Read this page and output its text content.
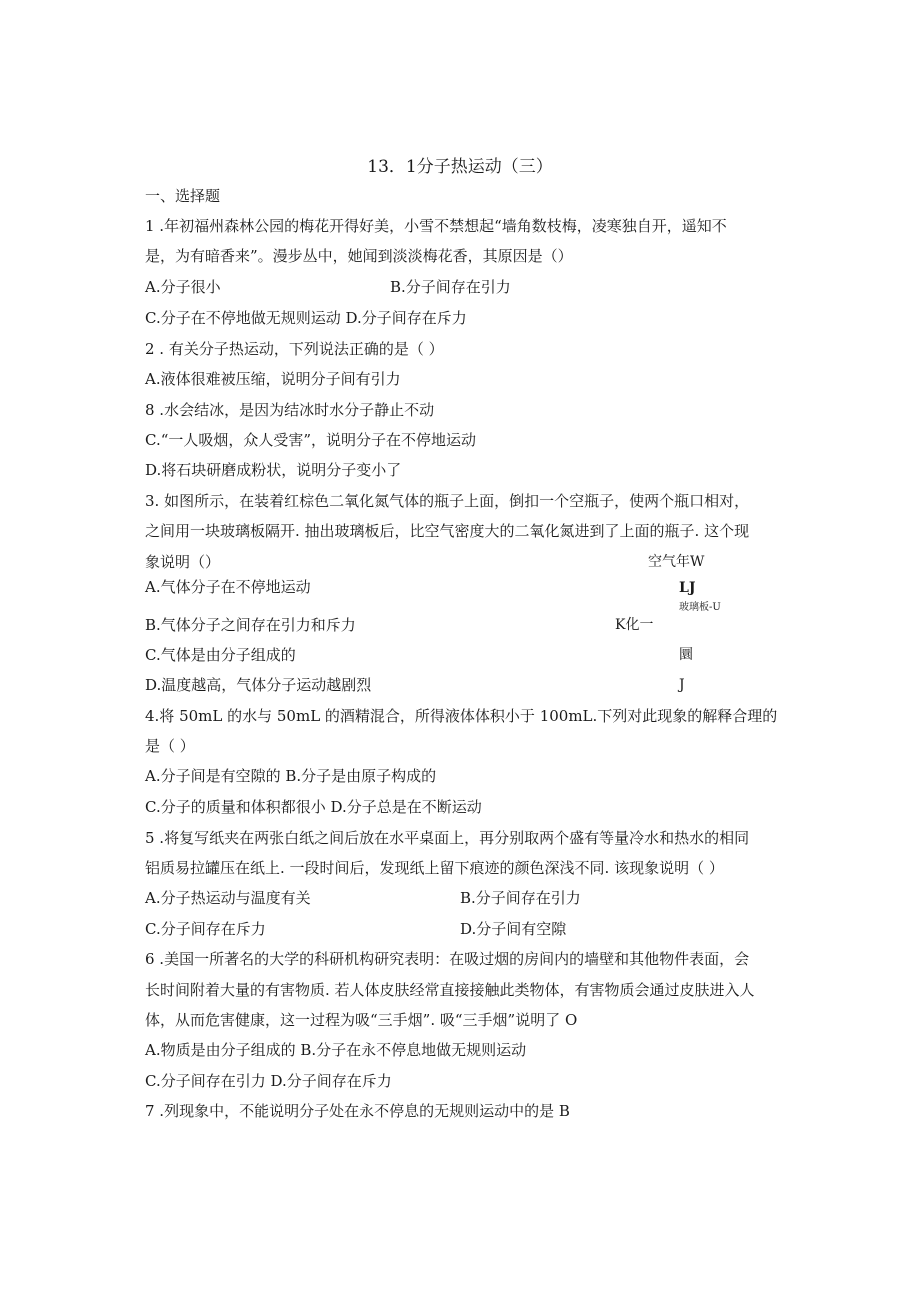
13．1分子热运动（三）
一、选择题
1 .年初福州森林公园的梅花开得好美，小雪不禁想起“墙角数枝梅，凌寒独自开，遥知不
是，为有暗香来”。漫步丛中，她闻到淡淡梅花香，其原因是（）
A.分子很小	B.分子间存在引力
C.分子在不停地做无规则运动 D.分子间存在斥力
2 . 有关分子热运动，下列说法正确的是（ ）
A.液体很难被压缩，说明分子间有引力
8 .水会结冰，是因为结冰时水分子静止不动
C.“一人吸烟，众人受害”，说明分子在不停地运动
D.将石块研磨成粉状，说明分子变小了
3. 如图所示，在装着红棕色二氧化氮气体的瓶子上面，倒扣一个空瓶子，使两个瓶口相对，
之间用一块玻璃板隔开. 抽出玻璃板后，比空气密度大的二氧化氮进到了上面的瓶子. 这个现
象说明（）
A.气体分子在不停地运动
B.气体分子之间存在引力和斥力
C.气体是由分子组成的
D.温度越高，气体分子运动越剧烈
空气年W
LJ
玻璃板-U
K化一
圜
J
4.将 50mL 的水与 50mL 的酒精混合，所得液体体积小于 100mL.下列对此现象的解释合理的
是（ ）
A.分子间是有空隙的 B.分子是由原子构成的
C.分子的质量和体积都很小 D.分子总是在不断运动
5 .将复写纸夹在两张白纸之间后放在水平桌面上，再分别取两个盛有等量冷水和热水的相同
铝质易拉罐压在纸上. 一段时间后，发现纸上留下痕迹的颜色深浅不同. 该现象说明（ ）
A.分子热运动与温度有关	B.分子间存在引力
C.分子间存在斥力	D.分子间有空隙
6 .美国一所著名的大学的科研机构研究表明：在吸过烟的房间内的墙壁和其他物件表面，会
长时间附着大量的有害物质. 若人体皮肤经常直接接触此类物体，有害物质会通过皮肤进入人
体，从而危害健康，这一过程为吸“三手烟”. 吸“三手烟”说明了 O
A.物质是由分子组成的 B.分子在永不停息地做无规则运动
C.分子间存在引力 D.分子间存在斥力
7 .列现象中，不能说明分子处在永不停息的无规则运动中的是 B
